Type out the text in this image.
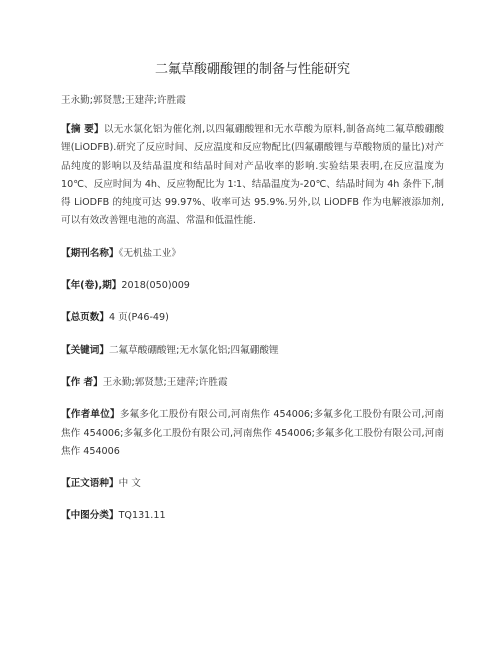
二氟草酸硼酸锂的制备与性能研究
王永勤;郭贤慧;王建萍;许胜霞
【摘 要】以无水氯化铝为催化剂,以四氟硼酸锂和无水草酸为原料,制备高纯二氟草酸硼酸锂(LiODFB).研究了反应时间、反应温度和反应物配比(四氟硼酸锂与草酸物质的量比)对产品纯度的影响以及结晶温度和结晶时间对产品收率的影响.实验结果表明,在反应温度为 10℃、反应时间为 4h、反应物配比为 1∶1、结晶温度为-20℃、结晶时间为 4h 条件下,制得 LiODFB 的纯度可达 99.97%、收率可达 95.9%.另外,以 LiODFB 作为电解液添加剂,可以有效改善锂电池的高温、常温和低温性能.
【期刊名称】《无机盐工业》
【年(卷),期】2018(050)009
【总页数】4 页(P46-49)
【关键词】二氟草酸硼酸锂;无水氯化铝;四氟硼酸锂
【作 者】王永勤;郭贤慧;王建萍;许胜霞
【作者单位】多氟多化工股份有限公司,河南焦作 454006;多氟多化工股份有限公司,河南焦作 454006;多氟多化工股份有限公司,河南焦作 454006;多氟多化工股份有限公司,河南焦作 454006
【正文语种】中 文
【中图分类】TQ131.11
